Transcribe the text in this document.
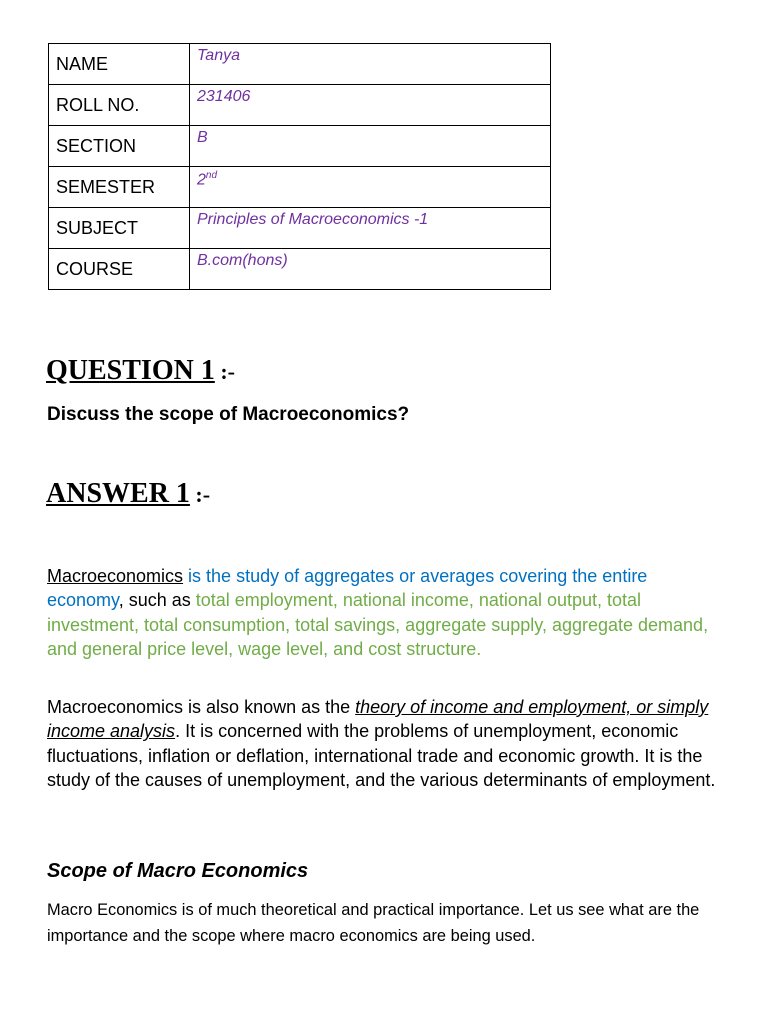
NAME	Tanya
ROLL NO.	231406
SECTION	B
SEMESTER	2nd
SUBJECT	Principles of Macroeconomics -1
COURSE	B.com(hons)
QUESTION 1 :-

Discuss the scope of Macroeconomics?

ANSWER 1 :-

Macroeconomics is the study of aggregates or averages covering the entire economy, such as total employment, national income, national output, total investment, total consumption, total savings, aggregate supply, aggregate demand, and general price level, wage level, and cost structure.

Macroeconomics is also known as the theory of income and employment, or simply income analysis. It is concerned with the problems of unemployment, economic fluctuations, inflation or deflation, international trade and economic growth. It is the study of the causes of unemployment, and the various determinants of employment.

Scope of Macro Economics

Macro Economics is of much theoretical and practical importance. Let us see what are the importance and the scope where macro economics are being used.
